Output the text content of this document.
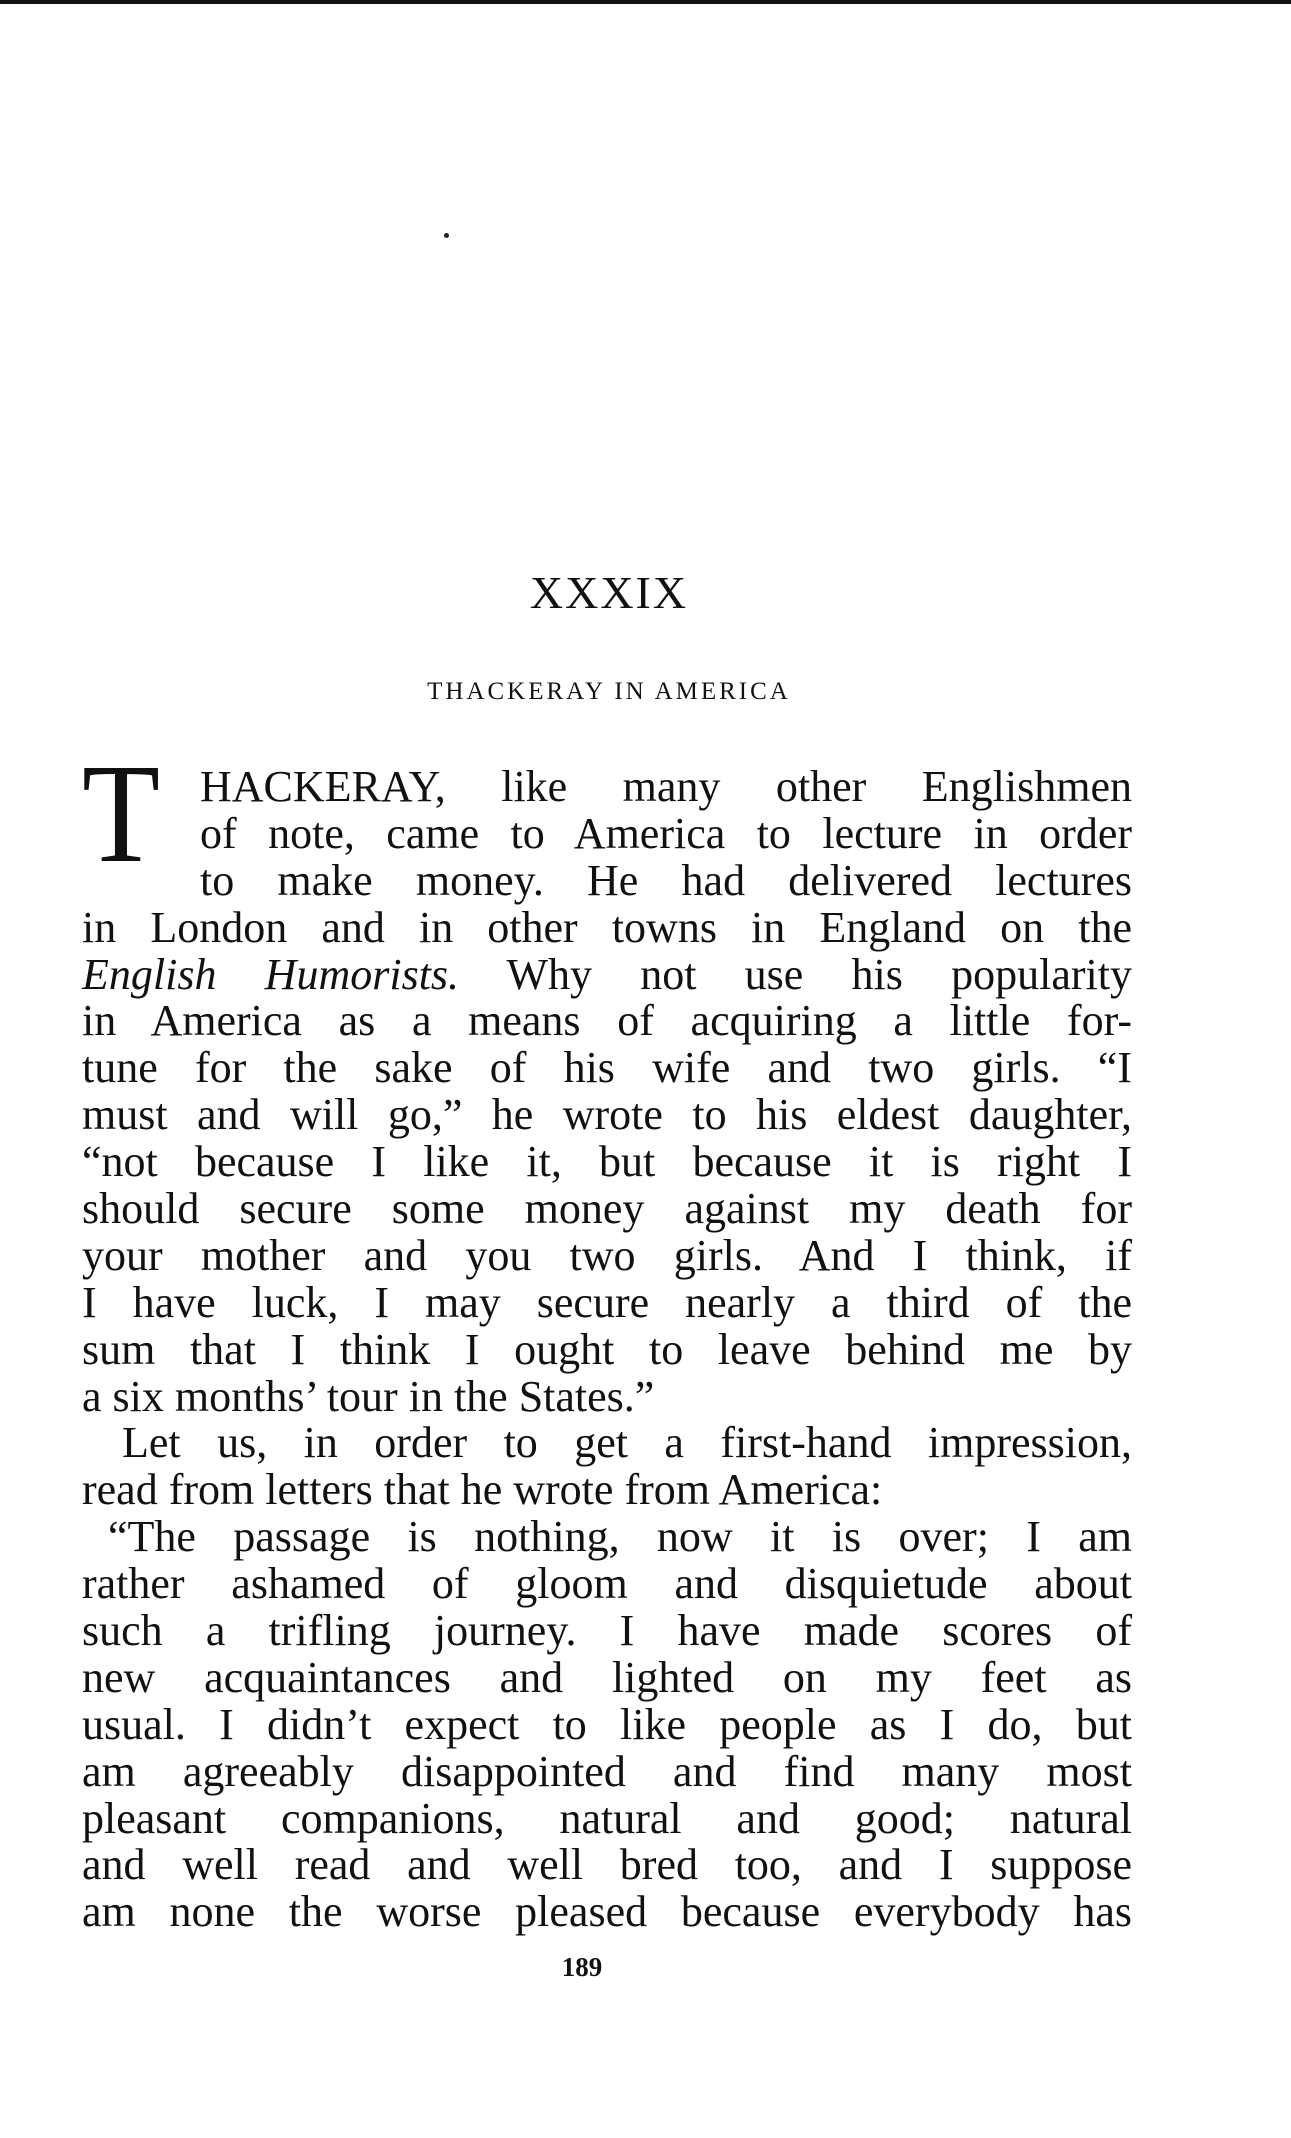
XXXIX
THACKERAY IN AMERICA
T HACKERAY, like many other Englishmen
of note, came to America to lecture in order
to make money. He had delivered lectures
in London and in other towns in England on the
English Humorists. Why not use his popularity
in America as a means of acquiring a little for-
tune for the sake of his wife and two girls. “I
must and will go,” he wrote to his eldest daughter,
“not because I like it, but because it is right I
should secure some money against my death for
your mother and you two girls. And I think, if
I have luck, I may secure nearly a third of the
sum that I think I ought to leave behind me by
a six months’ tour in the States.”
Let us, in order to get a first-hand impression,
read from letters that he wrote from America:
“The passage is nothing, now it is over; I am
rather ashamed of gloom and disquietude about
such a trifling journey. I have made scores of
new acquaintances and lighted on my feet as
usual. I didn’t expect to like people as I do, but
am agreeably disappointed and find many most
pleasant companions, natural and good; natural
and well read and well bred too, and I suppose
am none the worse pleased because everybody has
189
